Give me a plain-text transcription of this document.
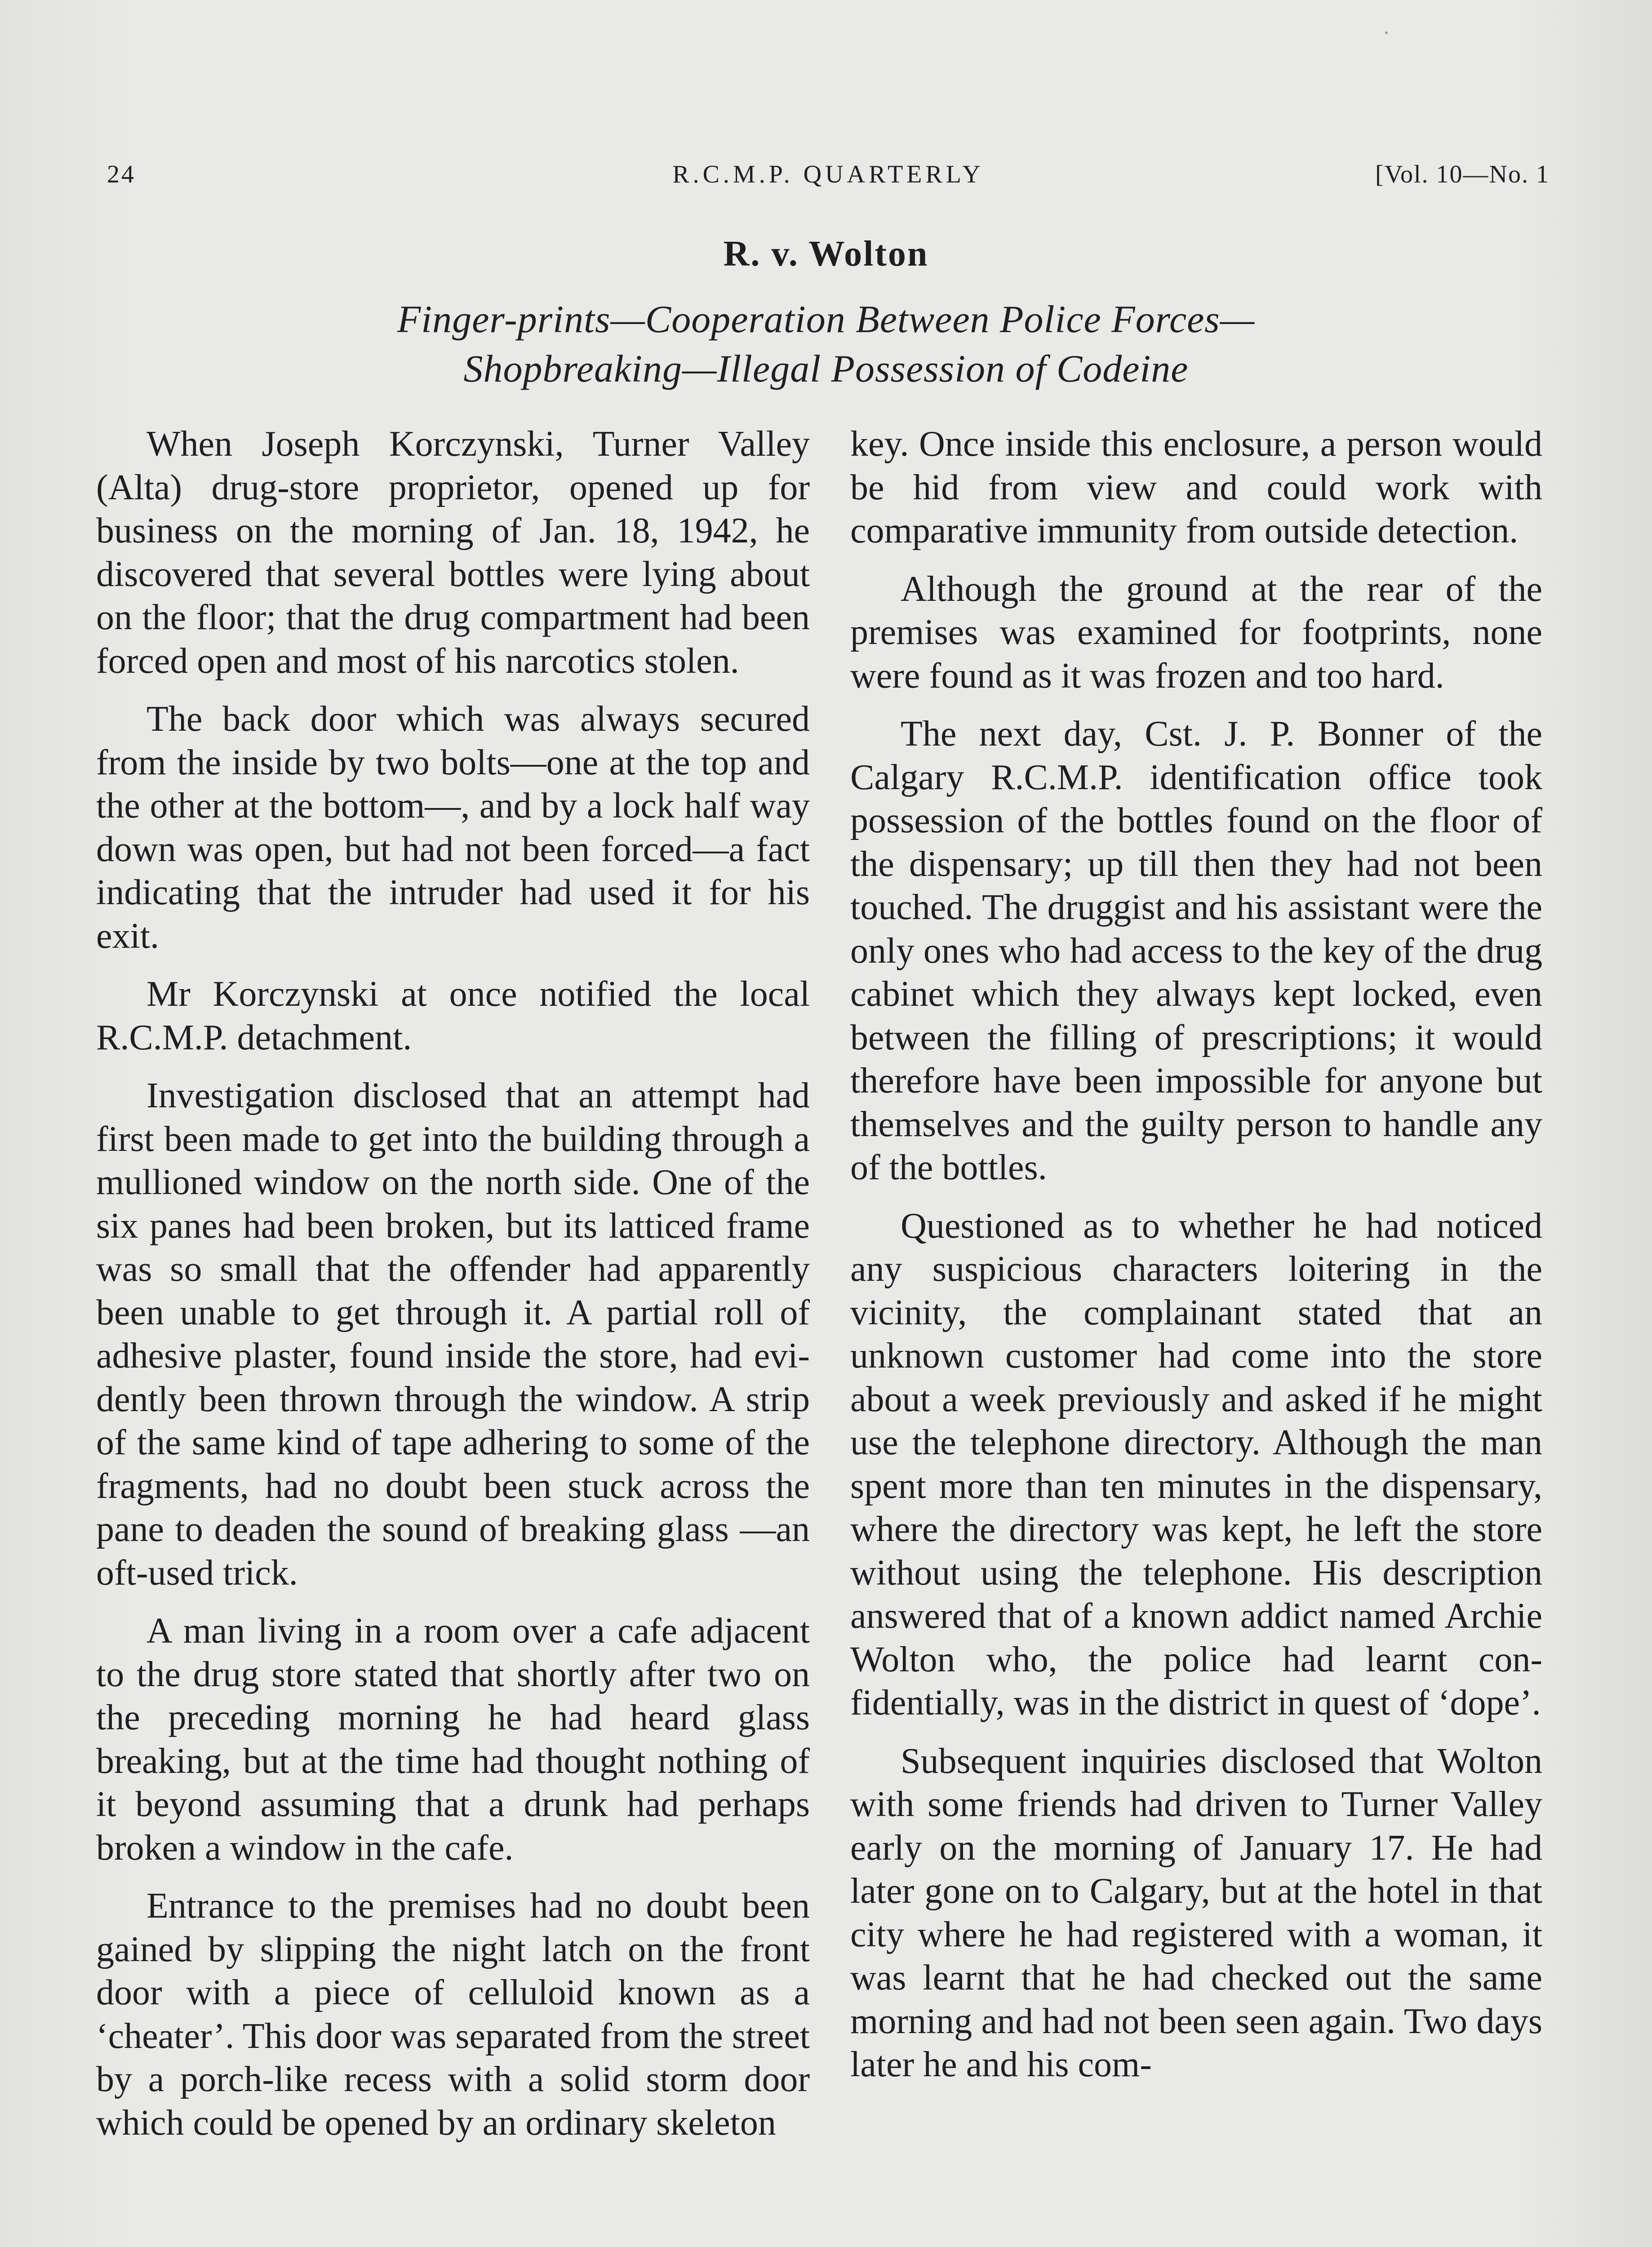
24	R.C.M.P. QUARTERLY	[Vol. 10—No. 1
R. v. Wolton
Finger-prints—Cooperation Between Police Forces—
Shopbreaking—Illegal Possession of Codeine

When Joseph Korczynski, Turner Valley (Alta) drug-store proprietor, opened up for business on the morning of Jan. 18, 1942, he discovered that several bottles were lying about on the floor; that the drug compartment had been forced open and most of his narcotics stolen.

The back door which was always secured from the inside by two bolts—one at the top and the other at the bottom—, and by a lock half way down was open, but had not been forced—a fact indicating that the intruder had used it for his exit.

Mr Korczynski at once notified the local R.C.M.P. detachment.

Investigation disclosed that an attempt had first been made to get into the building through a mullioned window on the north side. One of the six panes had been broken, but its latticed frame was so small that the offender had apparently been unable to get through it. A partial roll of adhesive plaster, found inside the store, had evidently been thrown through the window. A strip of the same kind of tape adhering to some of the fragments, had no doubt been stuck across the pane to deaden the sound of breaking glass —an oft-used trick.

A man living in a room over a cafe adjacent to the drug store stated that shortly after two on the preceding morning he had heard glass breaking, but at the time had thought nothing of it beyond assuming that a drunk had perhaps broken a window in the cafe.

Entrance to the premises had no doubt been gained by slipping the night latch on the front door with a piece of celluloid known as a ‘cheater’. This door was separated from the street by a porch-like recess with a solid storm door which could be opened by an ordinary skeleton

key. Once inside this enclosure, a person would be hid from view and could work with comparative immunity from outside detection.

Although the ground at the rear of the premises was examined for footprints, none were found as it was frozen and too hard.

The next day, Cst. J. P. Bonner of the Calgary R.C.M.P. identification office took possession of the bottles found on the floor of the dispensary; up till then they had not been touched. The druggist and his assistant were the only ones who had access to the key of the drug cabinet which they always kept locked, even between the filling of prescriptions; it would therefore have been impossible for anyone but themselves and the guilty person to handle any of the bottles.

Questioned as to whether he had noticed any suspicious characters loitering in the vicinity, the complainant stated that an unknown customer had come into the store about a week previously and asked if he might use the telephone directory. Although the man spent more than ten minutes in the dispensary, where the directory was kept, he left the store without using the telephone. His description answered that of a known addict named Archie Wolton who, the police had learnt confidentially, was in the district in quest of ‘dope’.

Subsequent inquiries disclosed that Wolton with some friends had driven to Turner Valley early on the morning of January 17. He had later gone on to Calgary, but at the hotel in that city where he had registered with a woman, it was learnt that he had checked out the same morning and had not been seen again. Two days later he and his com-
